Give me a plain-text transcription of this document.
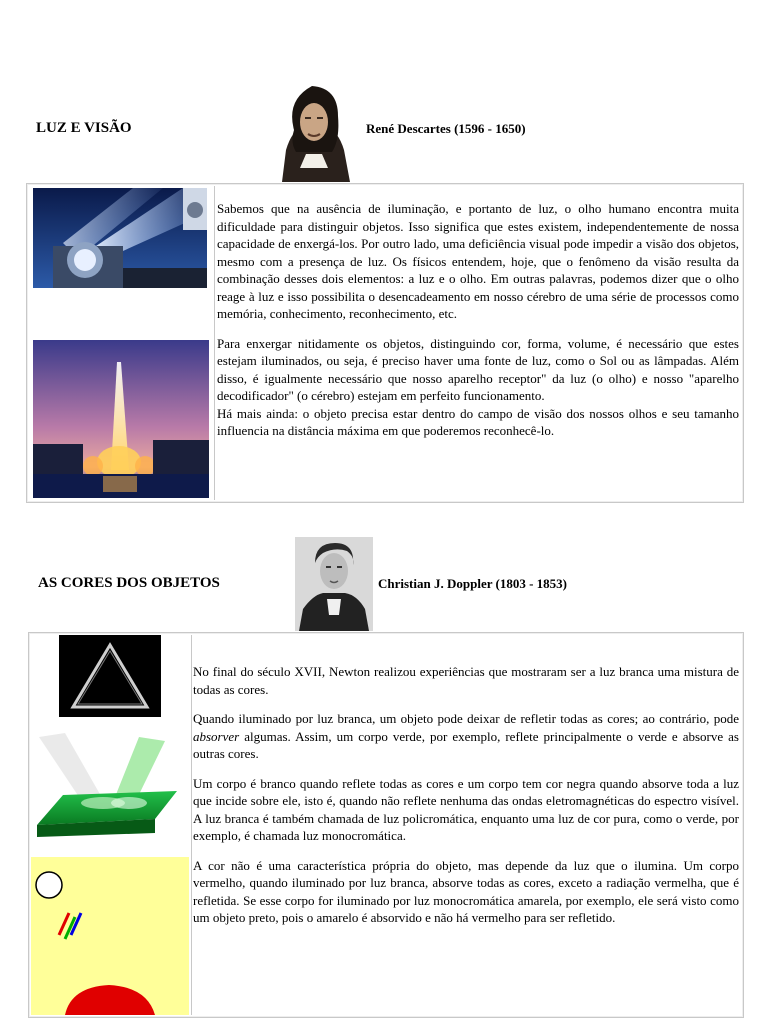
LUZ E VISÃO	René Descartes (1596 - 1650)

Sabemos que na ausência de iluminação, e portanto de luz, o olho humano encontra muita dificuldade para distinguir objetos. Isso significa que estes existem, independentemente de nossa capacidade de enxergá-los. Por outro lado, uma deficiência visual pode impedir a visão dos objetos, mesmo com a presença de luz. Os físicos entendem, hoje, que o fenômeno da visão resulta da combinação desses dois elementos: a luz e o olho. Em outras palavras, podemos dizer que o olho reage à luz e isso possibilita o desencadeamento em nosso cérebro de uma série de processos como memória, conhecimento, reconhecimento, etc.

Para enxergar nitidamente os objetos, distinguindo cor, forma, volume, é necessário que estes estejam iluminados, ou seja, é preciso haver uma fonte de luz, como o Sol ou as lâmpadas. Além disso, é igualmente necessário que nosso aparelho receptor" da luz (o olho) e nosso "aparelho decodificador" (o cérebro) estejam em perfeito funcionamento.

Há mais ainda: o objeto precisa estar dentro do campo de visão dos nossos olhos e seu tamanho influencia na distância máxima em que poderemos reconhecê-lo.

AS CORES DOS OBJETOS	Christian J. Doppler (1803 - 1853)

No final do século XVII, Newton realizou experiências que mostraram ser a luz branca uma mistura de todas as cores.

Quando iluminado por luz branca, um objeto pode deixar de refletir todas as cores; ao contrário, pode absorver algumas. Assim, um corpo verde, por exemplo, reflete principalmente o verde e absorve as outras cores.

Um corpo é branco quando reflete todas as cores e um corpo tem cor negra quando absorve toda a luz que incide sobre ele, isto é, quando não reflete nenhuma das ondas eletromagnéticas do espectro visível. A luz branca é também chamada de luz policromática, enquanto uma luz de cor pura, como o verde, por exemplo, é chamada luz monocromática.

A cor não é uma característica própria do objeto, mas depende da luz que o ilumina. Um corpo vermelho, quando iluminado por luz branca, absorve todas as cores, exceto a radiação vermelha, que é refletida. Se esse corpo for iluminado por luz monocromática amarela, por exemplo, ele será visto como um objeto preto, pois o amarelo é absorvido e não há vermelho para ser refletido.
